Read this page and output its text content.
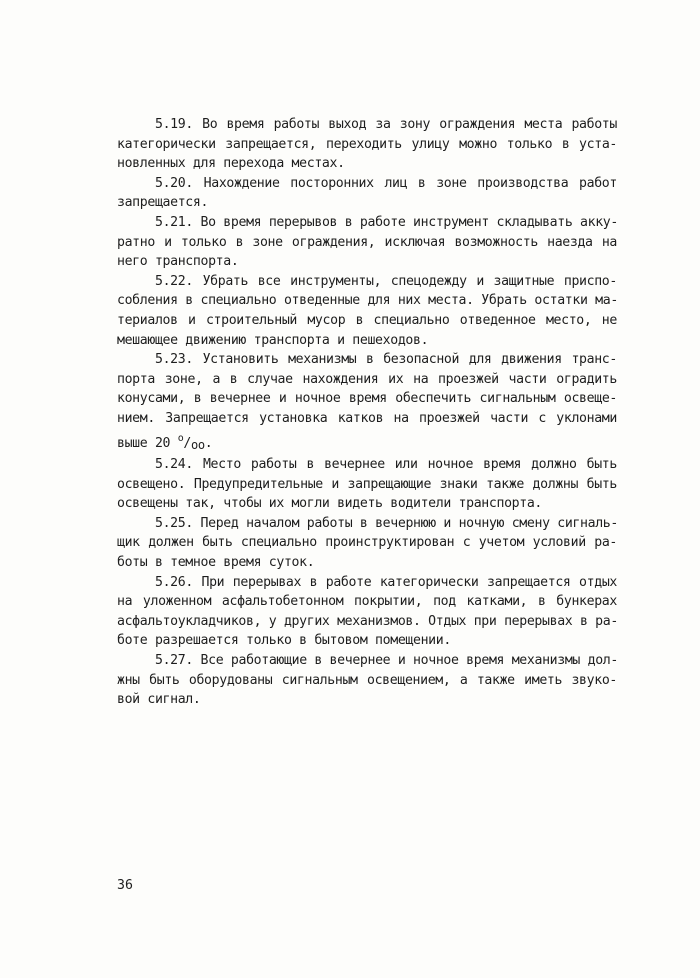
5.19. Во время работы выход за зону ограждения места работы
категорически запрещается, переходить улицу можно только в уста-
новленных для перехода местах.
5.20. Нахождение посторонних лиц в зоне производства работ
запрещается.
5.21. Во время перерывов в работе инструмент складывать акку-
ратно и только в зоне ограждения, исключая возможность наезда на
него транспорта.
5.22. Убрать все инструменты, спецодежду и защитные приспо-
собления в специально отведенные для них места. Убрать остатки ма-
териалов и строительный мусор в специально отведенное место, не
мешающее движению транспорта и пешеходов.
5.23. Установить механизмы в безопасной для движения транс-
порта зоне, а в случае нахождения их на проезжей части оградить
конусами, в вечернее и ночное время обеспечить сигнальным освеще-
нием. Запрещается установка катков на проезжей части с уклонами
выше 20 $^о$/оо.
5.24. Место работы в вечернее или ночное время должно быть
освещено. Предупредительные и запрещающие знаки также должны быть
освещены так, чтобы их могли видеть водители транспорта.
5.25. Перед началом работы в вечернюю и ночную смену сигналь-
щик должен быть специально проинструктирован с учетом условий ра-
боты в темное время суток.
5.26. При перерывах в работе категорически запрещается отдых
на уложенном асфальтобетонном покрытии, под катками, в бункерах
асфальтоукладчиков, у других механизмов. Отдых при перерывах в ра-
боте разрешается только в бытовом помещении.
5.27. Все работающие в вечернее и ночное время механизмы дол-
жны быть оборудованы сигнальным освещением, а также иметь звуко-
вой сигнал.
36
